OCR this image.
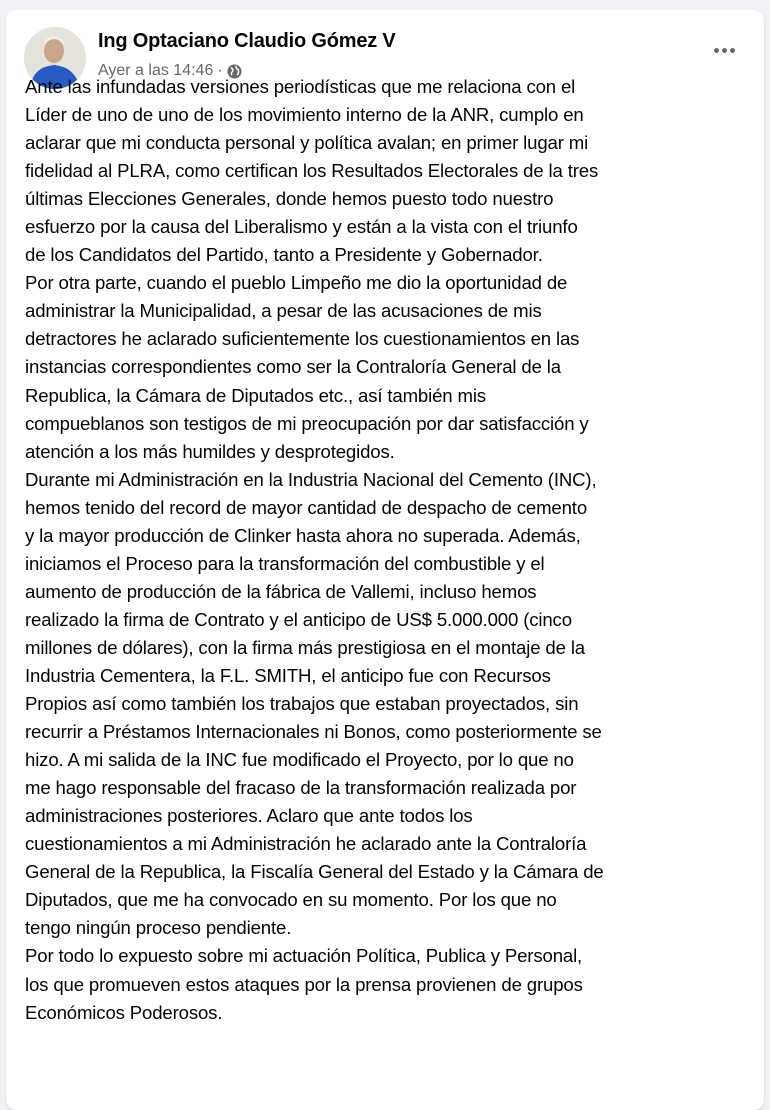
Ing Optaciano Claudio Gómez V
Ayer a las 14:46 ·
Ante las infundadas versiones periodísticas que me relaciona con el
Líder de uno de uno de los movimiento interno de la ANR, cumplo en
aclarar que mi conducta personal y política avalan; en primer lugar mi
fidelidad al PLRA, como certifican los Resultados Electorales de la tres
últimas Elecciones Generales, donde hemos puesto todo nuestro
esfuerzo por la causa del Liberalismo y están a la vista con el triunfo
de los Candidatos del Partido, tanto a Presidente y Gobernador.
Por otra parte, cuando el pueblo Limpeño me dio la oportunidad de
administrar la Municipalidad, a pesar de las acusaciones de mis
detractores he aclarado suficientemente los cuestionamientos en las
instancias correspondientes como ser la Contraloría General de la
Republica, la Cámara de Diputados etc., así también mis
compueblanos son testigos de mi preocupación por dar satisfacción y
atención a los más humildes y desprotegidos.
Durante mi Administración en la Industria Nacional del Cemento (INC),
hemos tenido del record de mayor cantidad de despacho de cemento
y la mayor producción de Clinker hasta ahora no superada. Además,
iniciamos el Proceso para la transformación del combustible y el
aumento de producción de la fábrica de Vallemi, incluso hemos
realizado la firma de Contrato y el anticipo de US$ 5.000.000 (cinco
millones de dólares), con la firma más prestigiosa en el montaje de la
Industria Cementera, la F.L. SMITH, el anticipo fue con Recursos
Propios así como también los trabajos que estaban proyectados, sin
recurrir a Préstamos Internacionales ni Bonos, como posteriormente se
hizo. A mi salida de la INC fue modificado el Proyecto, por lo que no
me hago responsable del fracaso de la transformación realizada por
administraciones posteriores. Aclaro que ante todos los
cuestionamientos a mi Administración he aclarado ante la Contraloría
General de la Republica, la Fiscalía General del Estado y la Cámara de
Diputados, que me ha convocado en su momento. Por los que no
tengo ningún proceso pendiente.
Por todo lo expuesto sobre mi actuación Política, Publica y Personal,
los que promueven estos ataques por la prensa provienen de grupos
Económicos Poderosos.
